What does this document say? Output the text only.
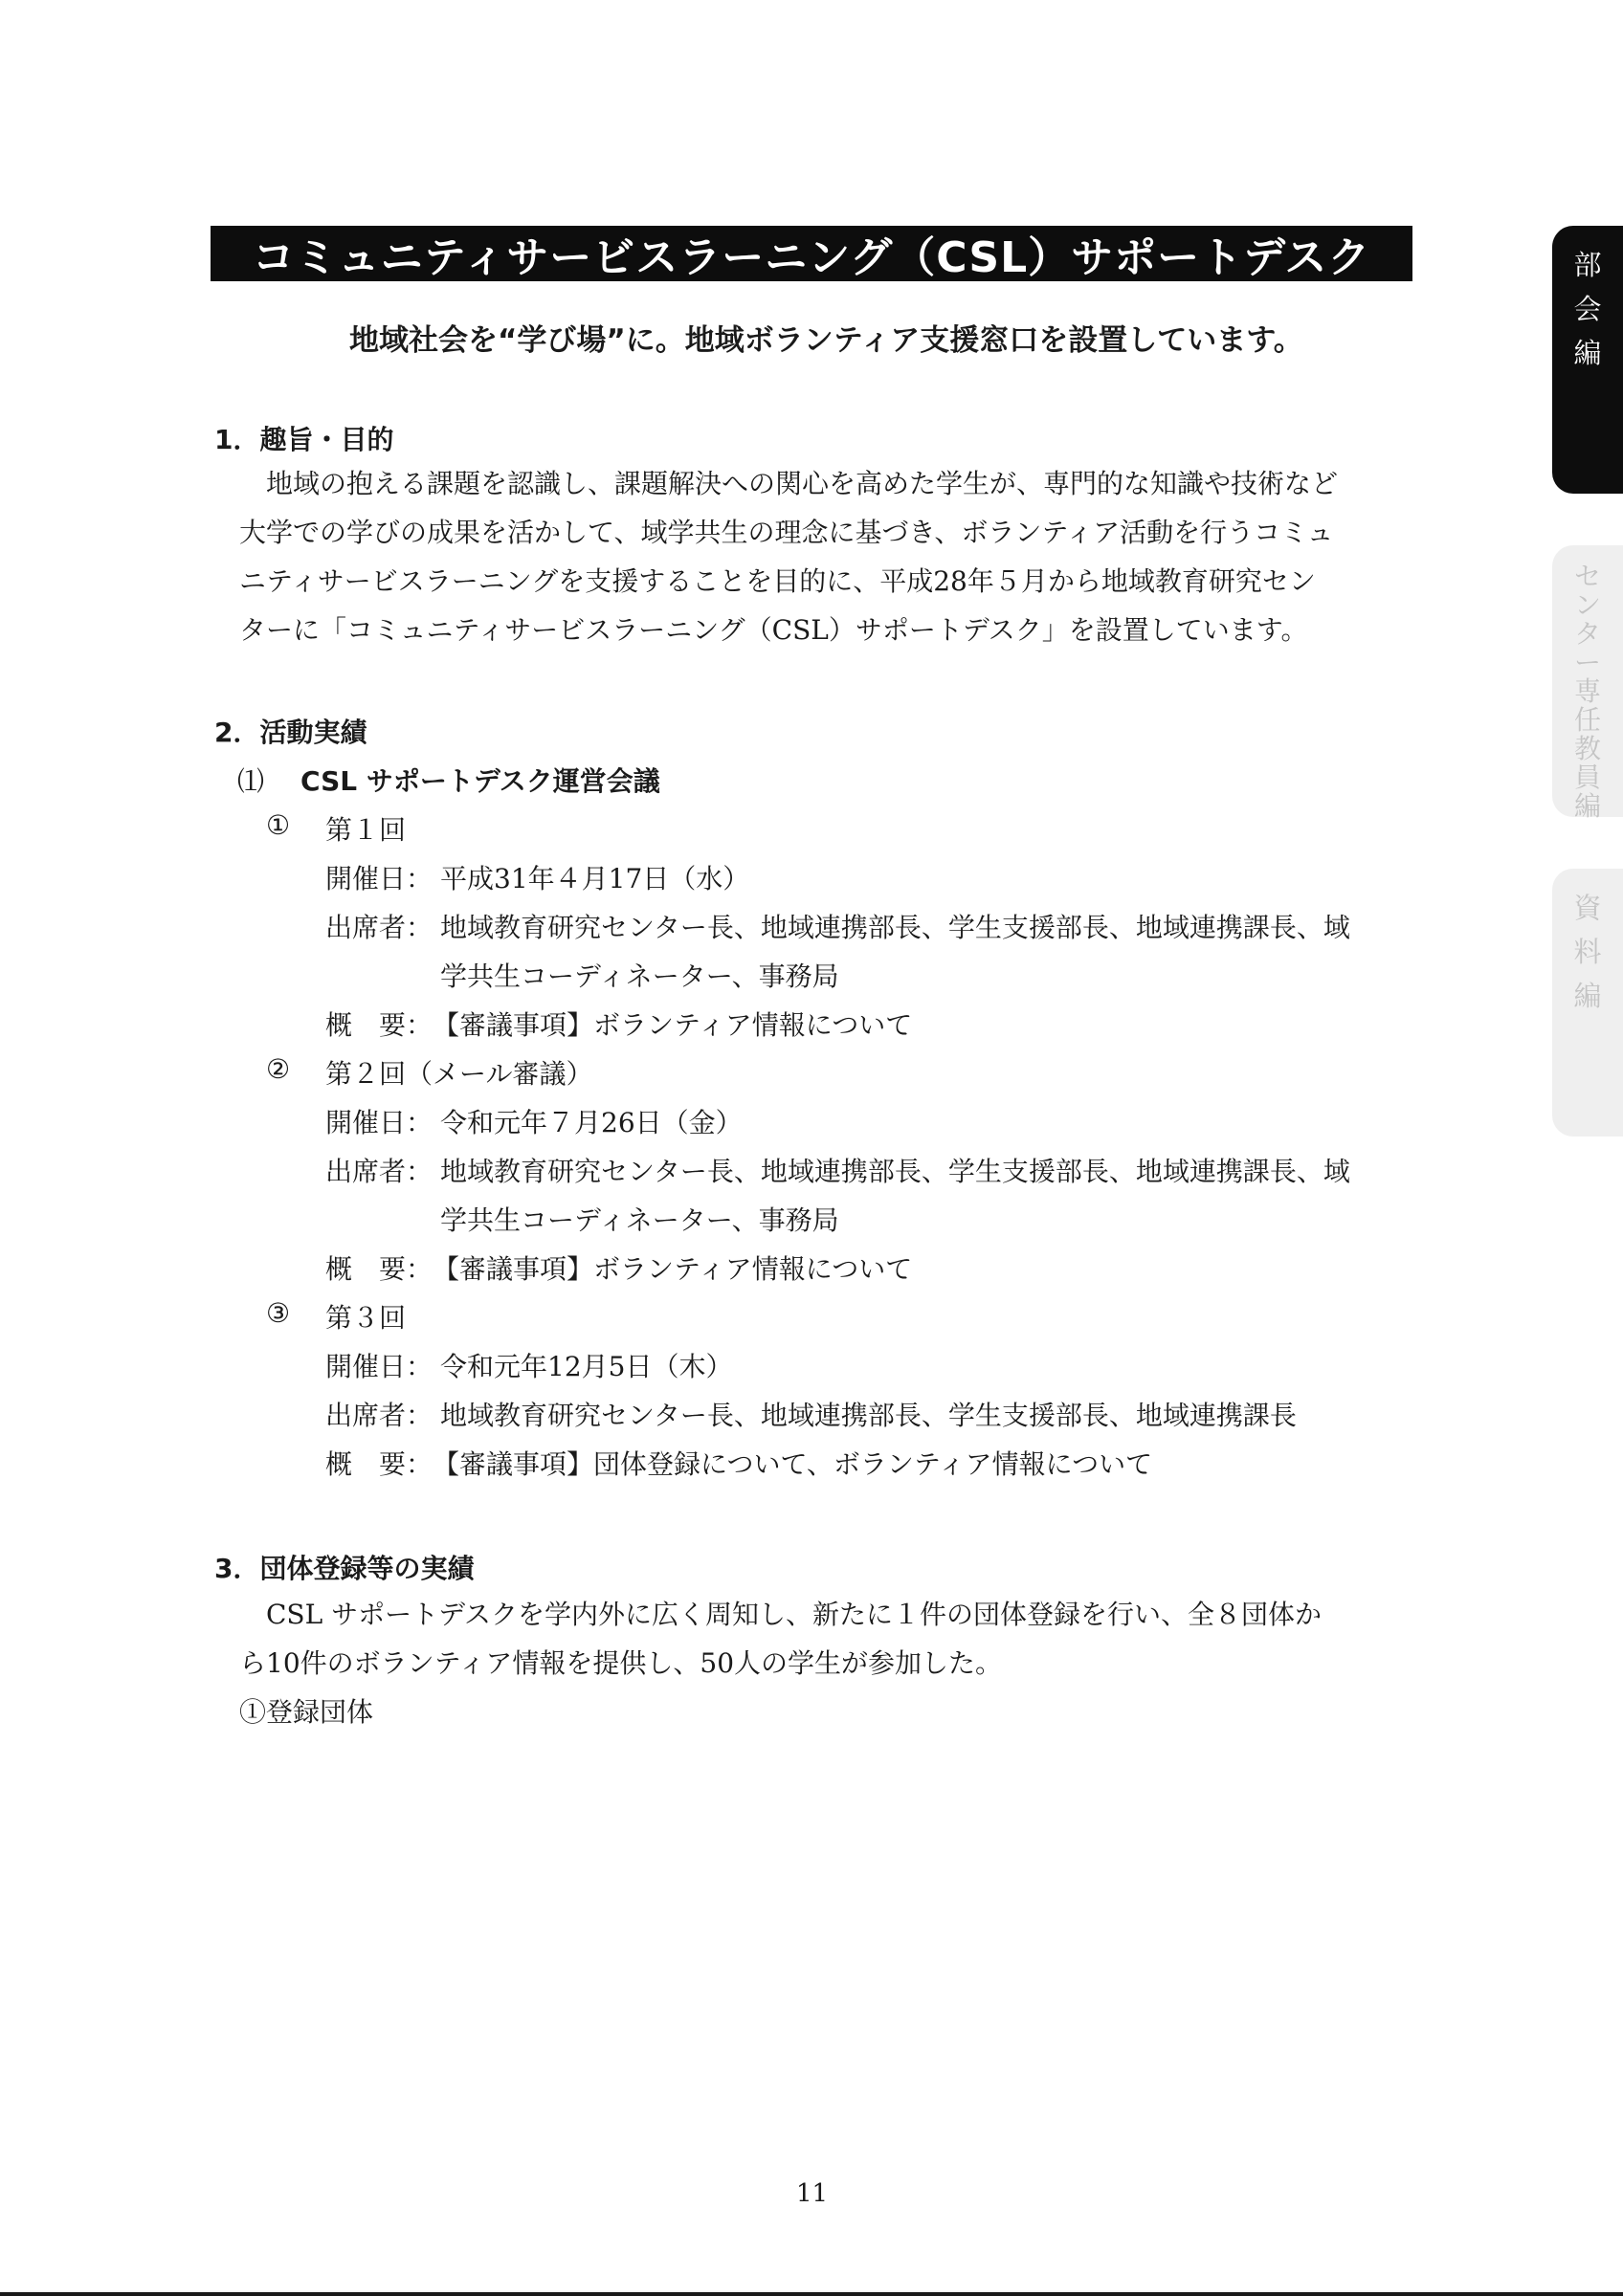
コミュニティサービスラーニング（CSL）サポートデスク
地域社会を“学び場”に。地域ボランティア支援窓口を設置しています。
部
会
編
セ
ン
タ
ー
専
任
教
員
編
資
料
編
1．趣旨・目的
地域の抱える課題を認識し、課題解決への関心を高めた学生が、専門的な知識や技術など
大学での学びの成果を活かして、域学共生の理念に基づき、ボランティア活動を行うコミュ
ニティサービスラーニングを支援することを目的に、平成28年５月から地域教育研究セン
ターに「コミュニティサービスラーニング（CSL）サポートデスク」を設置しています。
2．活動実績
⑴ CSL サポートデスク運営会議
① 第１回
開催日： 平成31年４月17日（水）
出席者： 地域教育研究センター長、地域連携部長、学生支援部長、地域連携課長、域
学共生コーディネーター、事務局
概　要： 【審議事項】ボランティア情報について
② 第２回（メール審議）
開催日： 令和元年７月26日（金）
出席者： 地域教育研究センター長、地域連携部長、学生支援部長、地域連携課長、域
学共生コーディネーター、事務局
概　要： 【審議事項】ボランティア情報について
③ 第３回
開催日： 令和元年12月5日（木）
出席者： 地域教育研究センター長、地域連携部長、学生支援部長、地域連携課長
概　要： 【審議事項】団体登録について、ボランティア情報について
3．団体登録等の実績
CSL サポートデスクを学内外に広く周知し、新たに１件の団体登録を行い、全８団体か
ら10件のボランティア情報を提供し、50人の学生が参加した。
①登録団体
11
